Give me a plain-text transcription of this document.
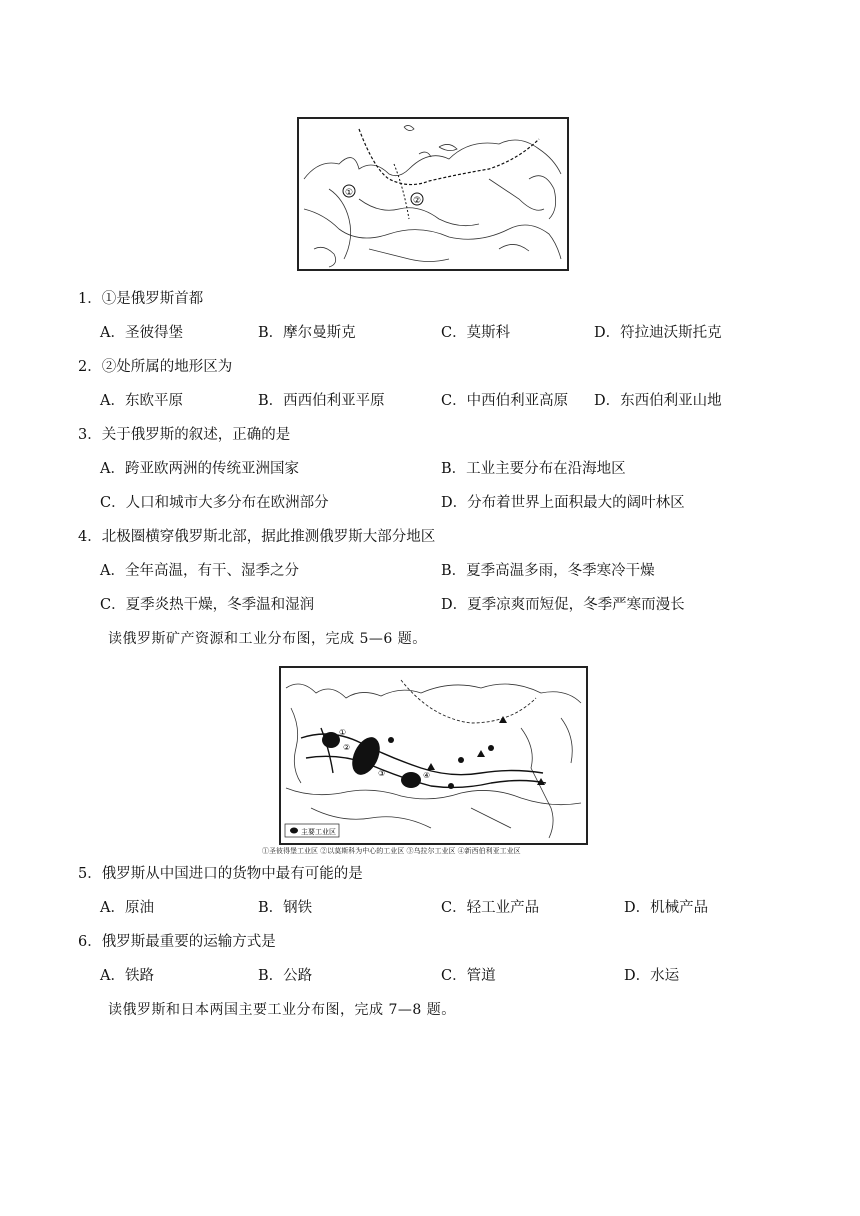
①
②
1．①是俄罗斯首都
A．圣彼得堡	B．摩尔曼斯克	C．莫斯科	D．符拉迪沃斯托克
2．②处所属的地形区为
A．东欧平原	B．西西伯利亚平原	C．中西伯利亚高原 D．东西伯利亚山地
3．关于俄罗斯的叙述，正确的是
A．跨亚欧两洲的传统亚洲国家	B．工业主要分布在沿海地区
C．人口和城市大多分布在欧洲部分	D．分布着世界上面积最大的阔叶林区
4．北极圈横穿俄罗斯北部，据此推测俄罗斯大部分地区
A．全年高温，有干、湿季之分	B．夏季高温多雨，冬季寒冷干燥
C．夏季炎热干燥，冬季温和湿润	D．夏季凉爽而短促，冬季严寒而漫长
读俄罗斯矿产资源和工业分布图，完成 5—6 题。
①
②
③	④
主要工业区
①圣彼得堡工业区 ②以莫斯科为中心的工业区 ③乌拉尔工业区 ④新西伯利亚工业区
5．俄罗斯从中国进口的货物中最有可能的是
A．原油	B．钢铁	C．轻工业产品	D．机械产品
6．俄罗斯最重要的运输方式是
A．铁路	B．公路	C．管道	D．水运
读俄罗斯和日本两国主要工业分布图，完成 7—8 题。
